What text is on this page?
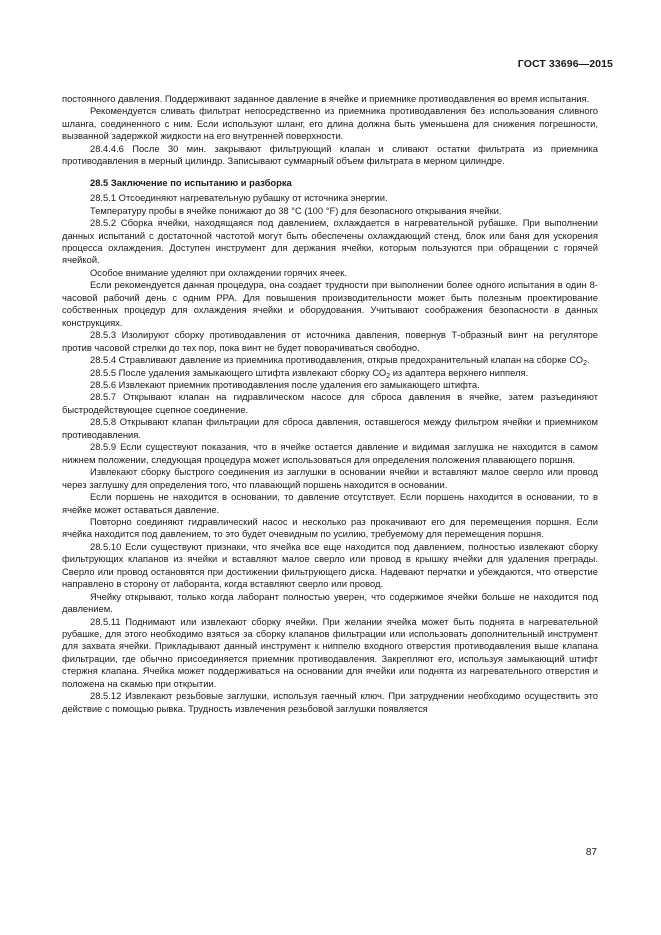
ГОСТ 33696—2015

постоянного давления. Поддерживают заданное давление в ячейке и приемнике противодавления во время испытания.

Рекомендуется сливать фильтрат непосредственно из приемника противодавления без использования сливного шланга, соединенного с ним. Если используют шланг, его длина должна быть уменьшена для снижения погрешности, вызванной задержкой жидкости на его внутренней поверхности.

28.4.4.6 После 30 мин. закрывают фильтрующий клапан и сливают остатки фильтрата из приемника противодавления в мерный цилиндр. Записывают суммарный объем фильтрата в мерном цилиндре.

28.5 Заключение по испытанию и разборка

28.5.1 Отсоединяют нагревательную рубашку от источника энергии.

Температуру пробы в ячейке понижают до 38 °С (100 °F) для безопасного открывания ячейки.

28.5.2 Сборка ячейки, находящаяся под давлением, охлаждается в нагревательной рубашке. При выполнении данных испытаний с достаточной частотой могут быть обеспечены охлаждающий стенд, блок или баня для ускорения процесса охлаждения. Доступен инструмент для держания ячейки, которым пользуются при обращении с горячей ячейкой.

Особое внимание уделяют при охлаждении горячих ячеек.

Если рекомендуется данная процедура, она создает трудности при выполнении более одного испытания в один 8-часовой рабочий день с одним РРА. Для повышения производительности может быть полезным проектирование собственных процедур для охлаждения ячейки и оборудования. Учитывают соображения безопасности в данных конструкциях.

28.5.3 Изолируют сборку противодавления от источника давления, повернув Т-образный винт на регуляторе против часовой стрелки до тех пор, пока винт не будет поворачиваться свободно.

28.5.4 Стравливают давление из приемника противодавления, открыв предохранительный клапан на сборке $СО_2$.

28.5.5 После удаления замыкающего штифта извлекают сборку $СО_2$ из адаптера верхнего ниппеля.

28.5.6 Извлекают приемник противодавления после удаления его замыкающего штифта.

28.5.7 Открывают клапан на гидравлическом насосе для сброса давления в ячейке, затем разъединяют быстродействующее сцепное соединение.

28.5.8 Открывают клапан фильтрации для сброса давления, оставшегося между фильтром ячейки и приемником противодавления.

28.5.9 Если существуют показания, что в ячейке остается давление и видимая заглушка не находится в самом нижнем положении, следующая процедура может использоваться для определения положения плавающего поршня.

Извлекают сборку быстрого соединения из заглушки в основании ячейки и вставляют малое сверло или провод через заглушку для определения того, что плавающий поршень находится в основании.

Если поршень не находится в основании, то давление отсутствует. Если поршень находится в основании, то в ячейке может оставаться давление.

Повторно соединяют гидравлический насос и несколько раз прокачивают его для перемещения поршня. Если ячейка находится под давлением, то это будет очевидным по усилию, требуемому для перемещения поршня.

28.5.10 Если существуют признаки, что ячейка все еще находится под давлением, полностью извлекают сборку фильтрующих клапанов из ячейки и вставляют малое сверло или провод в крышку ячейки для удаления преграды. Сверло или провод остановятся при достижении фильтрующего диска. Надевают перчатки и убеждаются, что отверстие направлено в сторону от лаборанта, когда вставляют сверло или провод.

Ячейку открывают, только когда лаборант полностью уверен, что содержимое ячейки больше не находится под давлением.

28.5.11 Поднимают или извлекают сборку ячейки. При желании ячейка может быть поднята в нагревательной рубашке, для этого необходимо взяться за сборку клапанов фильтрации или использовать дополнительный инструмент для захвата ячейки. Прикладывают данный инструмент к ниппелю входного отверстия противодавления выше клапана фильтрации, где обычно присоединяется приемник противодавления. Закрепляют его, используя замыкающий штифт стержня клапана. Ячейка может поддерживаться на основании для ячейки или поднята из нагревательного отверстия и положена на скамью при открытии.

28.5.12 Извлекают резьбовые заглушки, используя гаечный ключ. При затруднении необходимо осуществить это действие с помощью рывка. Трудность извлечения резьбовой заглушки появляется

87
